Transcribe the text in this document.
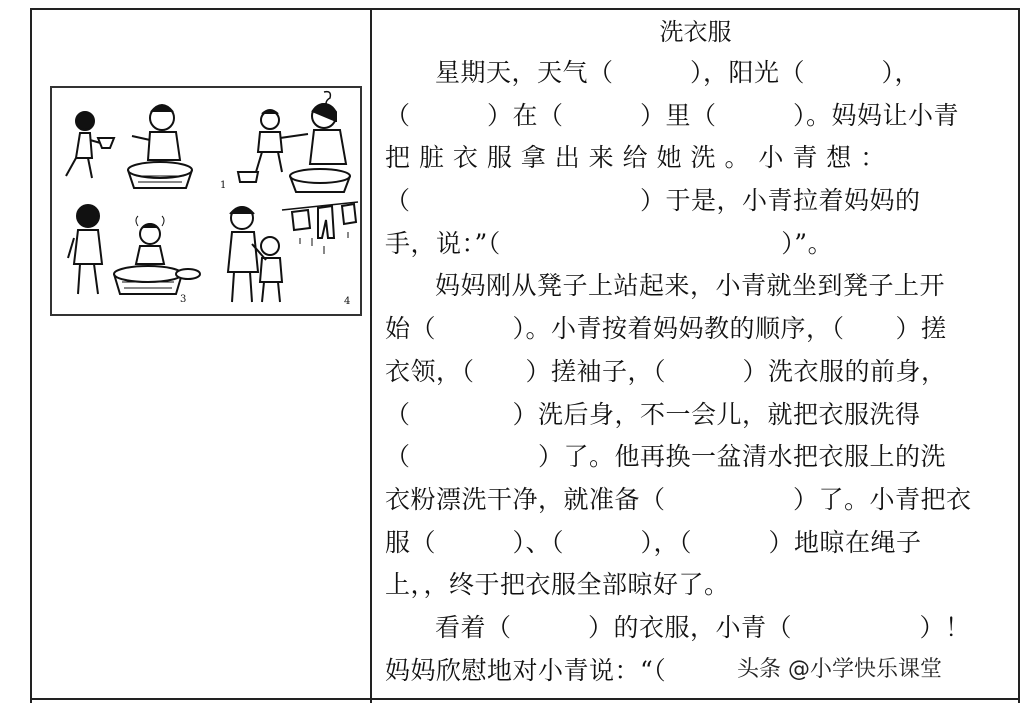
1
3	4
洗衣服
星期天，天气（　　　），阳光（　　　），
（　　　）在（　　　）里（　　　）。妈妈让小青
把 脏 衣 服 拿 出 来 给 她 洗 。 小 青 想 ：
（　　　　　　　　　）于是，小青拉着妈妈的
手，说：”（　　　　　　　　　　　）”。
妈妈刚从凳子上站起来，小青就坐到凳子上开
始（　　　）。小青按着妈妈教的顺序，（　　）搓
衣领，（　　）搓袖子，（　　　）洗衣服的前身，
（　　　　）洗后身，不一会儿，就把衣服洗得
（　　　　　）了。他再换一盆清水把衣服上的洗
衣粉漂洗干净，就准备（　　　　　）了。小青把衣
服（　　　）、（　　　），（　　　）地晾在绳子
上，，终于把衣服全部晾好了。
看着（　　　）的衣服，小青（　　　　　）！
妈妈欣慰地对小青说：“（	头条 @小学快乐课堂
